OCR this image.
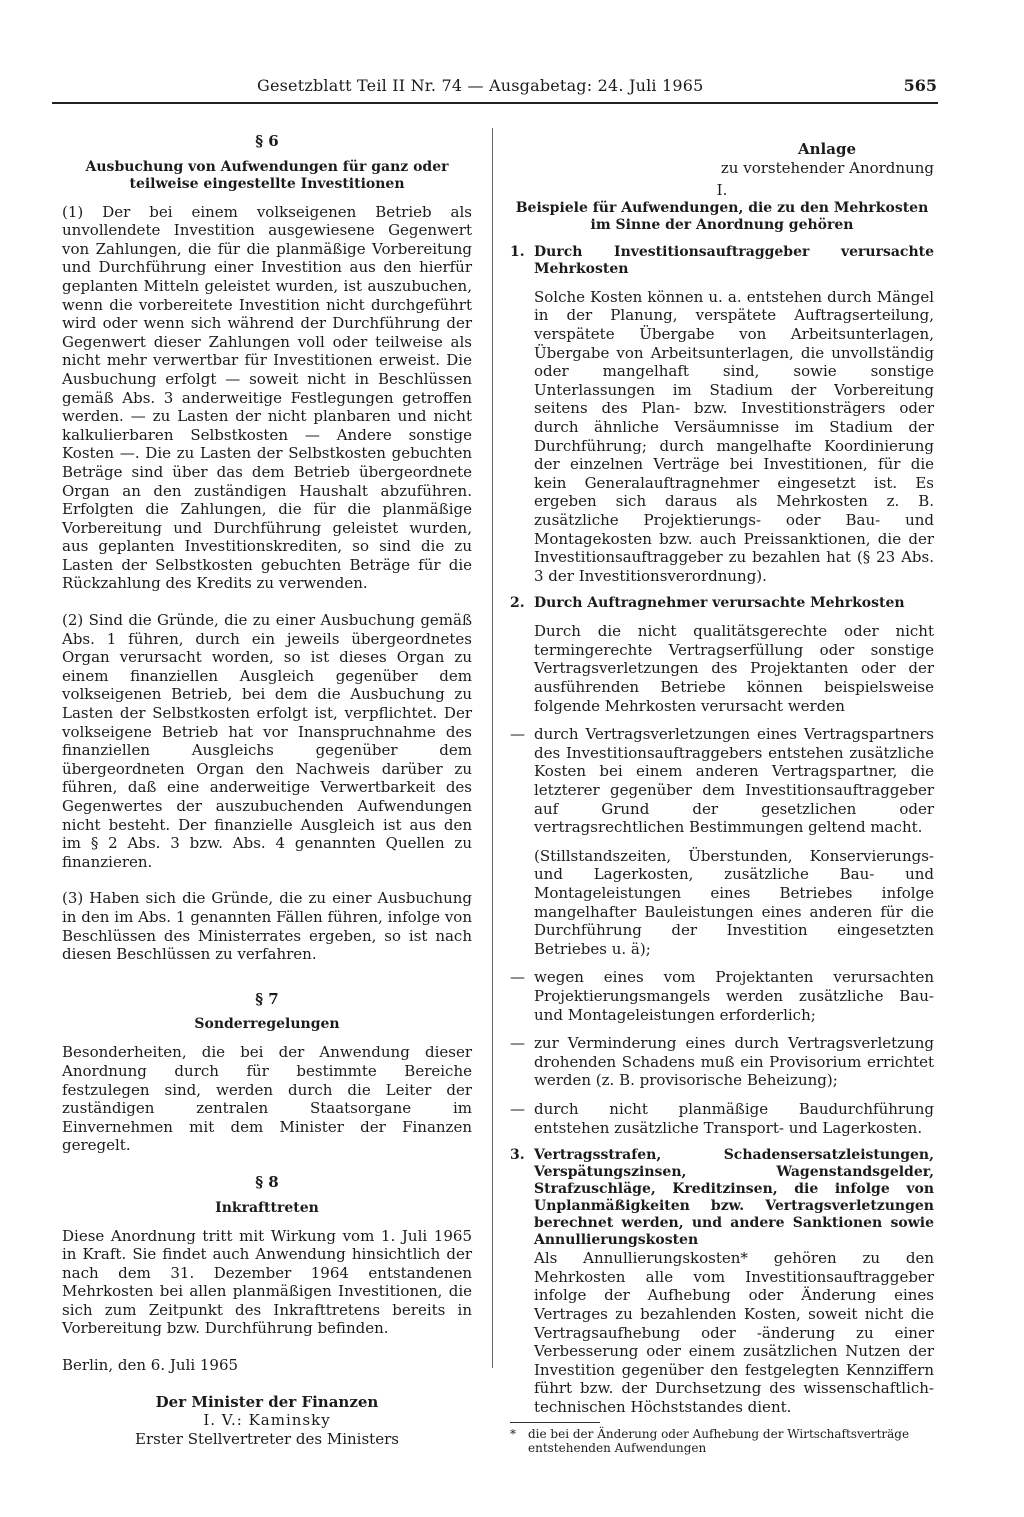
Gesetzblatt Teil II Nr. 74 — Ausgabetag: 24. Juli 1965	565
§ 6
Ausbuchung von Aufwendungen für ganz oder
teilweise eingestellte Investitionen

(1) Der bei einem volkseigenen Betrieb als unvollendete Investition ausgewiesene Gegenwert von Zahlungen, die für die planmäßige Vorbereitung und Durchführung einer Investition aus den hierfür geplanten Mitteln geleistet wurden, ist auszubuchen, wenn die vorbereitete Investition nicht durchgeführt wird oder wenn sich während der Durchführung der Gegenwert dieser Zahlungen voll oder teilweise als nicht mehr verwertbar für Investitionen erweist. Die Ausbuchung erfolgt — soweit nicht in Beschlüssen gemäß Abs. 3 anderweitige Festlegungen getroffen werden. — zu Lasten der nicht planbaren und nicht kalkulierbaren Selbstkosten — Andere sonstige Kosten —. Die zu Lasten der Selbstkosten gebuchten Beträge sind über das dem Betrieb übergeordnete Organ an den zuständigen Haushalt abzuführen. Erfolgten die Zahlungen, die für die planmäßige Vorbereitung und Durchführung geleistet wurden, aus geplanten Investitionskrediten, so sind die zu Lasten der Selbstkosten gebuchten Beträge für die Rückzahlung des Kredits zu verwenden.

(2) Sind die Gründe, die zu einer Ausbuchung gemäß Abs. 1 führen, durch ein jeweils übergeordnetes Organ verursacht worden, so ist dieses Organ zu einem finanziellen Ausgleich gegenüber dem volkseigenen Betrieb, bei dem die Ausbuchung zu Lasten der Selbstkosten erfolgt ist, verpflichtet. Der volkseigene Betrieb hat vor Inanspruchnahme des finanziellen Ausgleichs gegenüber dem übergeordneten Organ den Nachweis darüber zu führen, daß eine anderweitige Verwertbarkeit des Gegenwertes der auszubuchenden Aufwendungen nicht besteht. Der finanzielle Ausgleich ist aus den im § 2 Abs. 3 bzw. Abs. 4 genannten Quellen zu finanzieren.

(3) Haben sich die Gründe, die zu einer Ausbuchung in den im Abs. 1 genannten Fällen führen, infolge von Beschlüssen des Ministerrates ergeben, so ist nach diesen Beschlüssen zu verfahren.

§ 7
Sonderregelungen

Besonderheiten, die bei der Anwendung dieser Anordnung durch für bestimmte Bereiche festzulegen sind, werden durch die Leiter der zuständigen zentralen Staatsorgane im Einvernehmen mit dem Minister der Finanzen geregelt.

§ 8
Inkrafttreten

Diese Anordnung tritt mit Wirkung vom 1. Juli 1965 in Kraft. Sie findet auch Anwendung hinsichtlich der nach dem 31. Dezember 1964 entstandenen Mehrkosten bei allen planmäßigen Investitionen, die sich zum Zeitpunkt des Inkrafttretens bereits in Vorbereitung bzw. Durchführung befinden.

Berlin, den 6. Juli 1965

Der Minister der Finanzen
I. V.: Kaminsky
Erster Stellvertreter des Ministers
Anlage
zu vorstehender Anordnung
I.
Beispiele für Aufwendungen, die zu den Mehrkosten
im Sinne der Anordnung gehören
1. Durch Investitionsauftraggeber verursachte Mehrkosten

Solche Kosten können u. a. entstehen durch Mängel in der Planung, verspätete Auftragserteilung, verspätete Übergabe von Arbeitsunterlagen, Übergabe von Arbeitsunterlagen, die unvollständig oder mangelhaft sind, sowie sonstige Unterlassungen im Stadium der Vorbereitung seitens des Plan- bzw. Investitionsträgers oder durch ähnliche Versäumnisse im Stadium der Durchführung; durch mangelhafte Koordinierung der einzelnen Verträge bei Investitionen, für die kein Generalauftragnehmer eingesetzt ist. Es ergeben sich daraus als Mehrkosten z. B. zusätzliche Projektierungs- oder Bau- und Montagekosten bzw. auch Preissanktionen, die der Investitionsauftraggeber zu bezahlen hat (§ 23 Abs. 3 der Investitionsverordnung).

2. Durch Auftragnehmer verursachte Mehrkosten

Durch die nicht qualitätsgerechte oder nicht termingerechte Vertragserfüllung oder sonstige Vertragsverletzungen des Projektanten oder der ausführenden Betriebe können beispielsweise folgende Mehrkosten verursacht werden

— durch Vertragsverletzungen eines Vertragspartners des Investitionsauftraggebers entstehen zusätzliche Kosten bei einem anderen Vertragspartner, die letzterer gegenüber dem Investitionsauftraggeber auf Grund der gesetzlichen oder vertragsrechtlichen Bestimmungen geltend macht.

(Stillstandszeiten, Überstunden, Konservierungs- und Lagerkosten, zusätzliche Bau- und Montageleistungen eines Betriebes infolge mangelhafter Bauleistungen eines anderen für die Durchführung der Investition eingesetzten Betriebes u. ä);

— wegen eines vom Projektanten verursachten Projektierungsmangels werden zusätzliche Bau- und Montageleistungen erforderlich;
— zur Verminderung eines durch Vertragsverletzung drohenden Schadens muß ein Provisorium errichtet werden (z. B. provisorische Beheizung);
— durch nicht planmäßige Baudurchführung entstehen zusätzliche Transport- und Lagerkosten.
3. Vertragsstrafen, Schadensersatzleistungen, Verspätungszinsen, Wagenstandsgelder, Strafzuschläge, Kreditzinsen, die infolge von Unplanmäßigkeiten bzw. Vertragsverletzungen berechnet werden, und andere Sanktionen sowie Annullierungskosten

Als Annullierungskosten* gehören zu den Mehrkosten alle vom Investitionsauftraggeber infolge der Aufhebung oder Änderung eines Vertrages zu bezahlenden Kosten, soweit nicht die Vertragsaufhebung oder -änderung zu einer Verbesserung oder einem zusätzlichen Nutzen der Investition gegenüber den festgelegten Kennziffern führt bzw. der Durchsetzung des wissenschaftlich-technischen Höchststandes dient.

*	die bei der Änderung oder Aufhebung der Wirtschaftsverträge entstehenden Aufwendungen
